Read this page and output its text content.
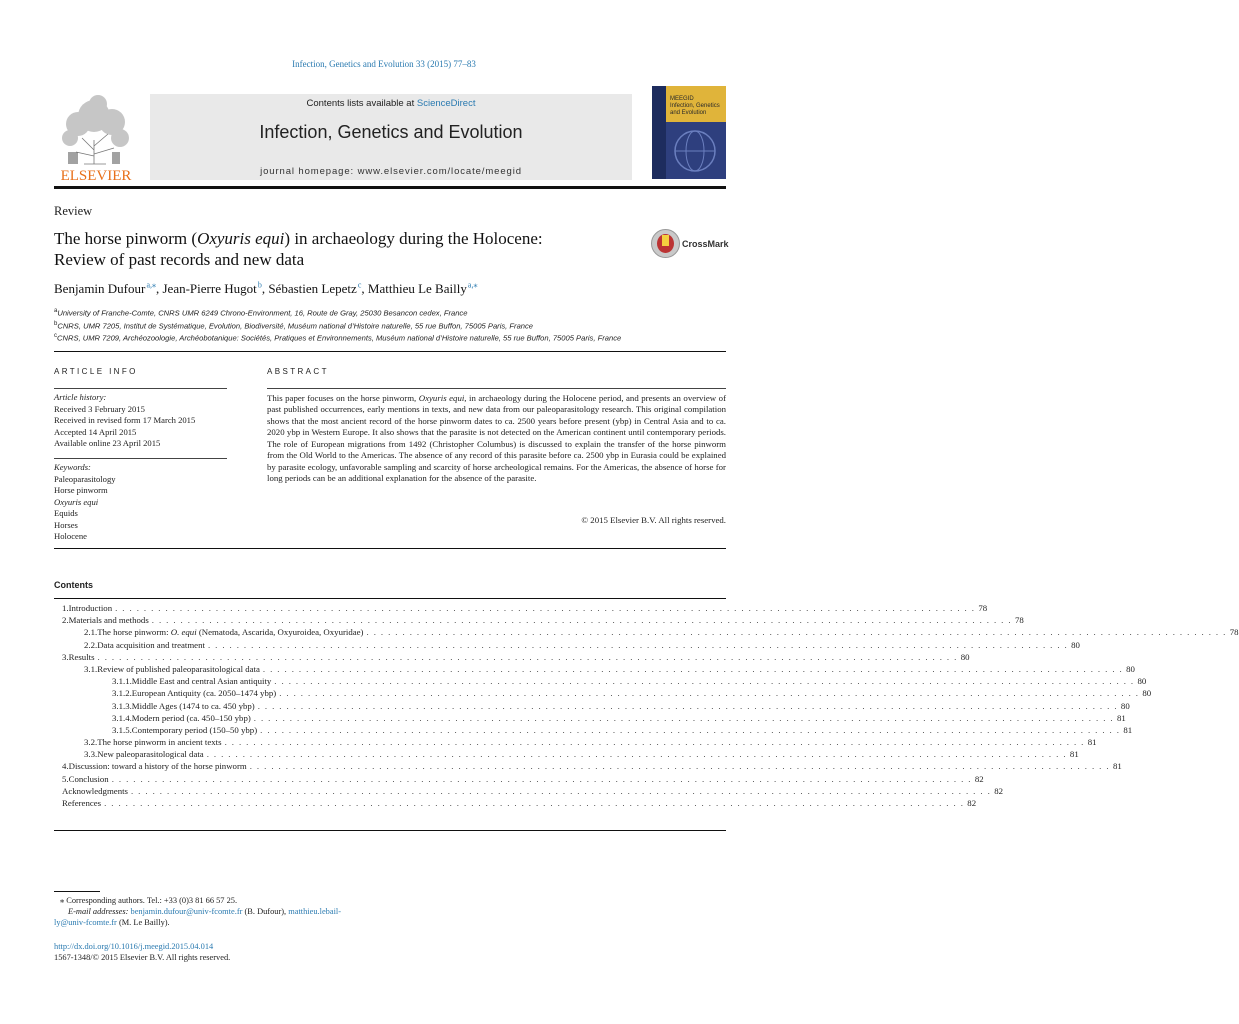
Infection, Genetics and Evolution 33 (2015) 77–83
ELSEVIER
Contents lists available at ScienceDirect
Infection, Genetics and Evolution
journal homepage: www.elsevier.com/locate/meegid
MEEGID
Infection, Genetics
and Evolution
Review
The horse pinworm (Oxyuris equi) in archaeology during the Holocene:
Review of past records and new data
CrossMark
Benjamin Dufour $^{a,⁎}$, Jean-Pierre Hugot $^b$, Sébastien Lepetz $^c$, Matthieu Le Bailly $^{a,⁎}$
$^a$University of Franche-Comte, CNRS UMR 6249 Chrono-Environment, 16, Route de Gray, 25030 Besancon cedex, France
$^b$CNRS, UMR 7205, Institut de Systématique, Evolution, Biodiversité, Muséum national d’Histoire naturelle, 55 rue Buffon, 75005 Paris, France
$^c$CNRS, UMR 7209, Archéozoologie, Archéobotanique: Sociétés, Pratiques et Environnements, Muséum national d’Histoire naturelle, 55 rue Buffon, 75005 Paris, France
ARTICLE INFO	ABSTRACT
Article history:
Received 3 February 2015
Received in revised form 17 March 2015
Accepted 14 April 2015
Available online 23 April 2015
Keywords:
Paleoparasitology
Horse pinworm
Oxyuris equi
Equids
Horses
Holocene
This paper focuses on the horse pinworm, Oxyuris equi, in archaeology during the Holocene period, and presents an overview of past published occurrences, early mentions in texts, and new data from our paleoparasitology research. This original compilation shows that the most ancient record of the horse pinworm dates to ca. 2500 years before present (ybp) in Central Asia and to ca. 2020 ybp in Western Europe. It also shows that the parasite is not detected on the American continent until contemporary periods. The role of European migrations from 1492 (Christopher Columbus) is discussed to explain the transfer of the horse pinworm from the Old World to the Americas. The absence of any record of this parasite before ca. 2500 ybp in Eurasia could be explained by parasite ecology, unfavorable sampling and scarcity of horse archeological remains. For the Americas, the absence of horse for long periods can be an additional explanation for the absence of the parasite.
© 2015 Elsevier B.V. All rights reserved.
Contents
1. Introduction . . . . . . . . . . . . . . . . . . . . . . . . . . . . . . . . . . . . . . . . . . . . . . . . . . . . . . . . . . . . . . . . . . . . . . . . . . . . . . . . . . . . . . . . . . . . . . . . . . . . . . . . . . . . . . . . . . . . . . . . 78
2. Materials and methods . . . . . . . . . . . . . . . . . . . . . . . . . . . . . . . . . . . . . . . . . . . . . . . . . . . . . . . . . . . . . . . . . . . . . . . . . . . . . . . . . . . . . . . . . . . . . . . . . . . . . . . . . . . . . . . . . . . . . . . . 78
2.1. The horse pinworm: O. equi (Nematoda, Ascarida, Oxyuroidea, Oxyuridae) . . . . . . . . . . . . . . . . . . . . . . . . . . . . . . . . . . . . . . . . . . . . . . . . . . . . . . . . . . . . . . . . . . . . . . . . . . . . . . . . . . . . . . . . . . . . . . . . . . . . . . . . . . . . . . . . . . . . . . . . 78
2.2. Data acquisition and treatment . . . . . . . . . . . . . . . . . . . . . . . . . . . . . . . . . . . . . . . . . . . . . . . . . . . . . . . . . . . . . . . . . . . . . . . . . . . . . . . . . . . . . . . . . . . . . . . . . . . . . . . . . . . . . . . . . . . . . . . . 80
3. Results . . . . . . . . . . . . . . . . . . . . . . . . . . . . . . . . . . . . . . . . . . . . . . . . . . . . . . . . . . . . . . . . . . . . . . . . . . . . . . . . . . . . . . . . . . . . . . . . . . . . . . . . . . . . . . . . . . . . . . . . 80
3.1. Review of published paleoparasitological data . . . . . . . . . . . . . . . . . . . . . . . . . . . . . . . . . . . . . . . . . . . . . . . . . . . . . . . . . . . . . . . . . . . . . . . . . . . . . . . . . . . . . . . . . . . . . . . . . . . . . . . . . . . . . . . . . . . . . . . . 80
3.1.1. Middle East and central Asian antiquity . . . . . . . . . . . . . . . . . . . . . . . . . . . . . . . . . . . . . . . . . . . . . . . . . . . . . . . . . . . . . . . . . . . . . . . . . . . . . . . . . . . . . . . . . . . . . . . . . . . . . . . . . . . . . . . . . . . . . . . . 80
3.1.2. European Antiquity (ca. 2050–1474 ybp) . . . . . . . . . . . . . . . . . . . . . . . . . . . . . . . . . . . . . . . . . . . . . . . . . . . . . . . . . . . . . . . . . . . . . . . . . . . . . . . . . . . . . . . . . . . . . . . . . . . . . . . . . . . . . . . . . . . . . . . . 80
3.1.3. Middle Ages (1474 to ca. 450 ybp) . . . . . . . . . . . . . . . . . . . . . . . . . . . . . . . . . . . . . . . . . . . . . . . . . . . . . . . . . . . . . . . . . . . . . . . . . . . . . . . . . . . . . . . . . . . . . . . . . . . . . . . . . . . . . . . . . . . . . . . . 80
3.1.4. Modern period (ca. 450–150 ybp) . . . . . . . . . . . . . . . . . . . . . . . . . . . . . . . . . . . . . . . . . . . . . . . . . . . . . . . . . . . . . . . . . . . . . . . . . . . . . . . . . . . . . . . . . . . . . . . . . . . . . . . . . . . . . . . . . . . . . . . . 81
3.1.5. Contemporary period (150–50 ybp) . . . . . . . . . . . . . . . . . . . . . . . . . . . . . . . . . . . . . . . . . . . . . . . . . . . . . . . . . . . . . . . . . . . . . . . . . . . . . . . . . . . . . . . . . . . . . . . . . . . . . . . . . . . . . . . . . . . . . . . . 81
3.2. The horse pinworm in ancient texts . . . . . . . . . . . . . . . . . . . . . . . . . . . . . . . . . . . . . . . . . . . . . . . . . . . . . . . . . . . . . . . . . . . . . . . . . . . . . . . . . . . . . . . . . . . . . . . . . . . . . . . . . . . . . . . . . . . . . . . . 81
3.3. New paleoparasitological data . . . . . . . . . . . . . . . . . . . . . . . . . . . . . . . . . . . . . . . . . . . . . . . . . . . . . . . . . . . . . . . . . . . . . . . . . . . . . . . . . . . . . . . . . . . . . . . . . . . . . . . . . . . . . . . . . . . . . . . . 81
4. Discussion: toward a history of the horse pinworm . . . . . . . . . . . . . . . . . . . . . . . . . . . . . . . . . . . . . . . . . . . . . . . . . . . . . . . . . . . . . . . . . . . . . . . . . . . . . . . . . . . . . . . . . . . . . . . . . . . . . . . . . . . . . . . . . . . . . . . . 81
5. Conclusion . . . . . . . . . . . . . . . . . . . . . . . . . . . . . . . . . . . . . . . . . . . . . . . . . . . . . . . . . . . . . . . . . . . . . . . . . . . . . . . . . . . . . . . . . . . . . . . . . . . . . . . . . . . . . . . . . . . . . . . . 82
Acknowledgments . . . . . . . . . . . . . . . . . . . . . . . . . . . . . . . . . . . . . . . . . . . . . . . . . . . . . . . . . . . . . . . . . . . . . . . . . . . . . . . . . . . . . . . . . . . . . . . . . . . . . . . . . . . . . . . . . . . . . . . . 82
References . . . . . . . . . . . . . . . . . . . . . . . . . . . . . . . . . . . . . . . . . . . . . . . . . . . . . . . . . . . . . . . . . . . . . . . . . . . . . . . . . . . . . . . . . . . . . . . . . . . . . . . . . . . . . . . . . . . . . . . . 82
⁎ Corresponding authors. Tel.: +33 (0)3 81 66 57 25.
E-mail addresses: benjamin.dufour@univ-fcomte.fr (B. Dufour), matthieu.lebail-
ly@univ-fcomte.fr (M. Le Bailly).
http://dx.doi.org/10.1016/j.meegid.2015.04.014
1567-1348/© 2015 Elsevier B.V. All rights reserved.
